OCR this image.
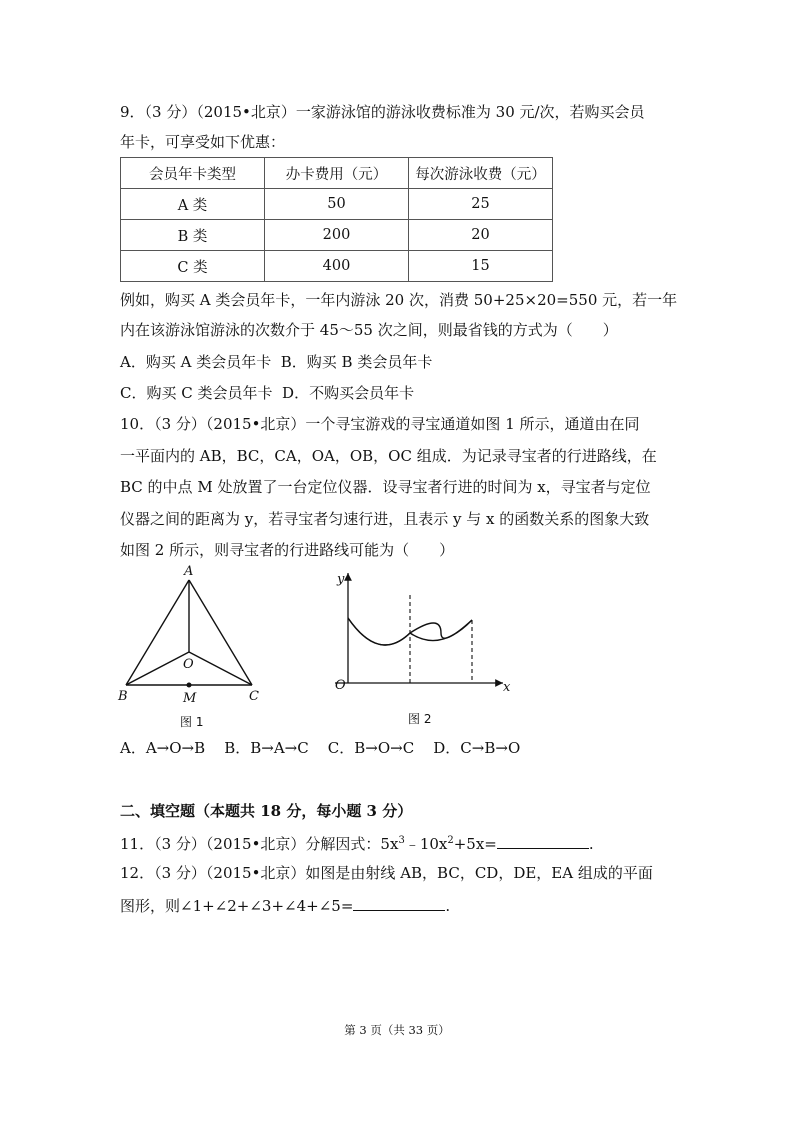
9．（3 分）（2015•北京）一家游泳馆的游泳收费标准为 30 元/次，若购买会员
年卡，可享受如下优惠：
会员年卡类型	办卡费用（元）	每次游泳收费（元）
A 类	50	25
B 类	200	20
C 类	400	15
例如，购买 A 类会员年卡，一年内游泳 20 次，消费 50+25×20=550 元，若一年
内在该游泳馆游泳的次数介于 45～55 次之间，则最省钱的方式为（　　）
A．购买 A 类会员年卡 B．购买 B 类会员年卡
C．购买 C 类会员年卡 D．不购买会员年卡
10．（3 分）（2015•北京）一个寻宝游戏的寻宝通道如图 1 所示，通道由在同
一平面内的 AB，BC，CA，OA，OB，OC 组成．为记录寻宝者的行进路线，在
BC 的中点 M 处放置了一台定位仪器．设寻宝者行进的时间为 x，寻宝者与定位
仪器之间的距离为 y，若寻宝者匀速行进，且表示 y 与 x 的函数关系的图象大致
如图 2 所示，则寻宝者的行进路线可能为（　　）
A
B	C
O
M
图 1
y
x
O
图 2
A．A→O→B B．B→A→C C．B→O→C D．C→B→O
二、填空题（本题共 18 分，每小题 3 分）
11．（3 分）（2015•北京）分解因式：$5x^3﹣10x^2+5x=$	.
12．（3 分）（2015•北京）如图是由射线 AB，BC，CD，DE，EA 组成的平面
图形，则∠1+∠2+∠3+∠4+∠5=	.
第 3 页（共 33 页）
